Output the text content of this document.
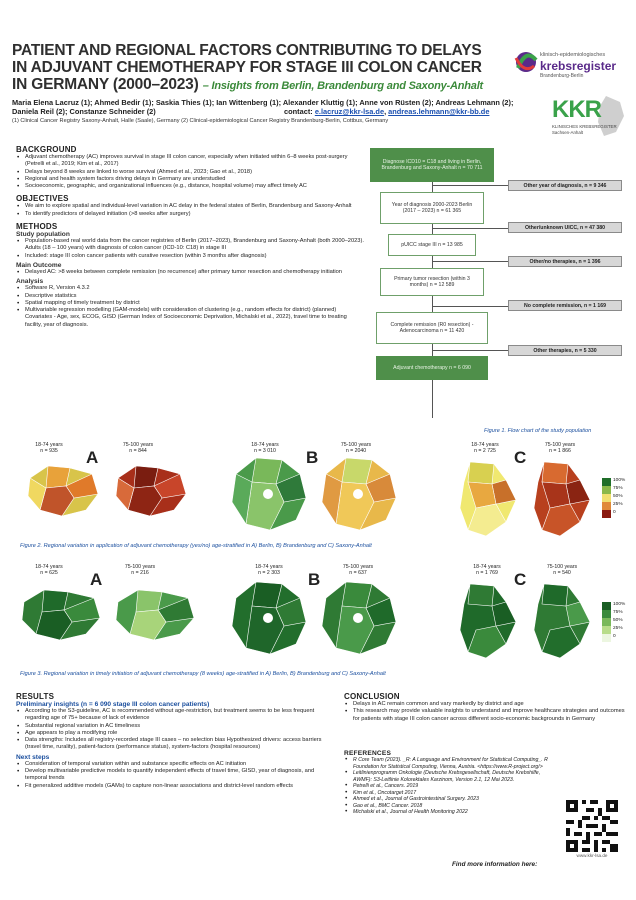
PATIENT AND REGIONAL FACTORS CONTRIBUTING TO DELAYS IN ADJUVANT CHEMOTHERAPY FOR STAGE III COLON CANCER IN GERMANY (2000–2023) – Insights from Berlin, Brandenburg and Saxony-Anhalt
Maria Elena Lacruz (1); Ahmed Bedir (1); Saskia Thies (1); Ian Wittenberg (1); Alexander Kluttig (1); Anne von Rüsten (2); Andreas Lehmann (2); Daniela Reil (2); Constanze Schneider (2)	contact: e.lacruz@kkr-lsa.de, andreas.lehmann@kkr-bb.de
(1) Clinical Cancer Registry Saxony-Anhalt, Halle (Saale), Germany (2) Clinical-epidemiological Cancer Registry Brandenburg-Berlin, Cottbus, Germany
klinisch-epidemiologisches
krebsregister
Brandenburg-Berlin
KKR
KLINISCHES KREBSREGISTER
Sachsen-Anhalt
BACKGROUND
• Adjuvant chemotherapy (AC) improves survival in stage III colon cancer, especially when initiated within 6–8 weeks post-surgery (Petrelli et al., 2019; Kim et al., 2017)
• Delays beyond 8 weeks are linked to worse survival (Ahmed et al., 2023; Gao et al., 2018)
• Regional and health system factors driving delays in Germany are understudied
• Socioeconomic, geographic, and organizational influences (e.g., distance, hospital volume) may affect timely AC
OBJECTIVES
• We aim to explore spatial and individual-level variation in AC delay in the federal states of Berlin, Brandenburg and Saxony-Anhalt
• To identify predictors of delayed initiation (>8 weeks after surgery)
METHODS
Study population
• Population-based real world data from the cancer registries of Berlin (2017–2023), Brandenburg and Saxony-Anhalt (both 2000–2023). Adults (18 – 100 years) with diagnosis of colon cancer (ICD-10: C18) in stage III
• Included: stage III colon cancer patients with curative resection (within 3 months after diagnosis)
Main Outcome
• Delayed AC: >8 weeks between complete remission (no recurrence) after primary tumor resection and chemotherapy initiation
Analysis
• Software R, Version 4.3.2
• Descriptive statistics
• Spatial mapping of timely treatment by district
• Multivariable regression modelling (GAM-models) with consideration of clustering (e.g., random effects for district) (planned) Covariates - Age, sex, ECOG, GISD (German Index of Socioeconomic Deprivation, Michalski et al., 2022), travel time to treating facility, year of diagnosis.
Diagnose ICD10 = C18 and living in Berlin, Brandenburg and Saxony-Anhalt n = 70 711
Year of diagnosis 2000-2023 Berlin (2017 – 2023) n = 61 365
pUICC stage III n = 13 985
Primary tumor resection (within 3 months) n = 12 589
Complete remission (R0 resection) - Adenocarcinoma n = 11 420
Adjuvant chemotherapy n = 6 090
Other year of diagnosis, n = 9 346
Other/unknown UICC, n = 47 380
Other/no therapies, n = 1 396
No complete remission, n = 1 169
Other therapies, n = 5 330
Figure 1. Flow chart of the study population
18-74 years
n = 935	A
75-100 years
n = 844
18-74 years
n = 3 010	B
75-100 years
n = 2040
18-74 years
n = 2 725	C
75-100 years
n = 1 866
100%
75%
50%
25%
0
Figure 2. Regional variation in application of adjuvant chemotherapy (yes/no) age-stratified in A) Berlin, B) Brandenburg and C) Saxony-Anhalt
18-74 years
n = 625	A
75-100 years
n = 216
18-74 years
n = 2 303	B
75-100 years
n = 637
18-74 years
n = 1 769 C
75-100 years
n = 540
100%
75%
50%
25%
0
Figure 3. Regional variation in timely initiation of adjuvant chemotherapy (8 weeks) age-stratified in A) Berlin, B) Brandenburg and C) Saxony-Anhalt
RESULTS
Preliminary insights (n = 6 090 stage III colon cancer patients)
• According to the S3-guideline, AC is recommended without age-restriction, but treatment seems to be less frequent regarding age of 75+ because of lack of evidence
• Substantial regional variation in AC timeliness
• Age appears to play a modifying role
• Data strengths: Includes all registry-recorded stage III cases – no selection bias Hypothesized drivers: access barriers (travel time, rurality), patient-factors (performance status), system-factors (hospital resources)
Next steps
• Consideration of temporal variation within and substance specific effects on AC initiation
• Develop multivariable predictive models to quantify independent effects of travel time, GISD, year of diagnosis, and temporal trends
• Fit generalized additive models (GAMs) to capture non-linear associations and district-level random effects
CONCLUSION
• Delays in AC remain common and vary markedly by district and age
• This research may provide valuable insights to understand and improve healthcare strategies and outcomes for patients with stage III colon cancer across different socio-economic backgrounds in Germany
REFERENCES
• R Core Team (2023). _R: A Language and Environment for Statistical Computing_. R Foundation for Statistical Computing, Vienna, Austria. <https://www.R-project.org/>
• Leitlinienprogramm Onkologie (Deutsche Krebsgesellschaft, Deutsche Krebshilfe, AWMF): S3-Leitlinie Kolorektales Karzinom, Version 2.1, 12 Mai 2023.
• Petrelli et al., Cancers. 2019
• Kim et al., Oncotarget 2017
• Ahmed et al., Journal of Gastrointestinal Surgery. 2023
• Gao et al., BMC Cancer. 2018
• Michalski et al., Journal of Health Monitoring 2022
www.kkr-lsa.de
Find more information here:
